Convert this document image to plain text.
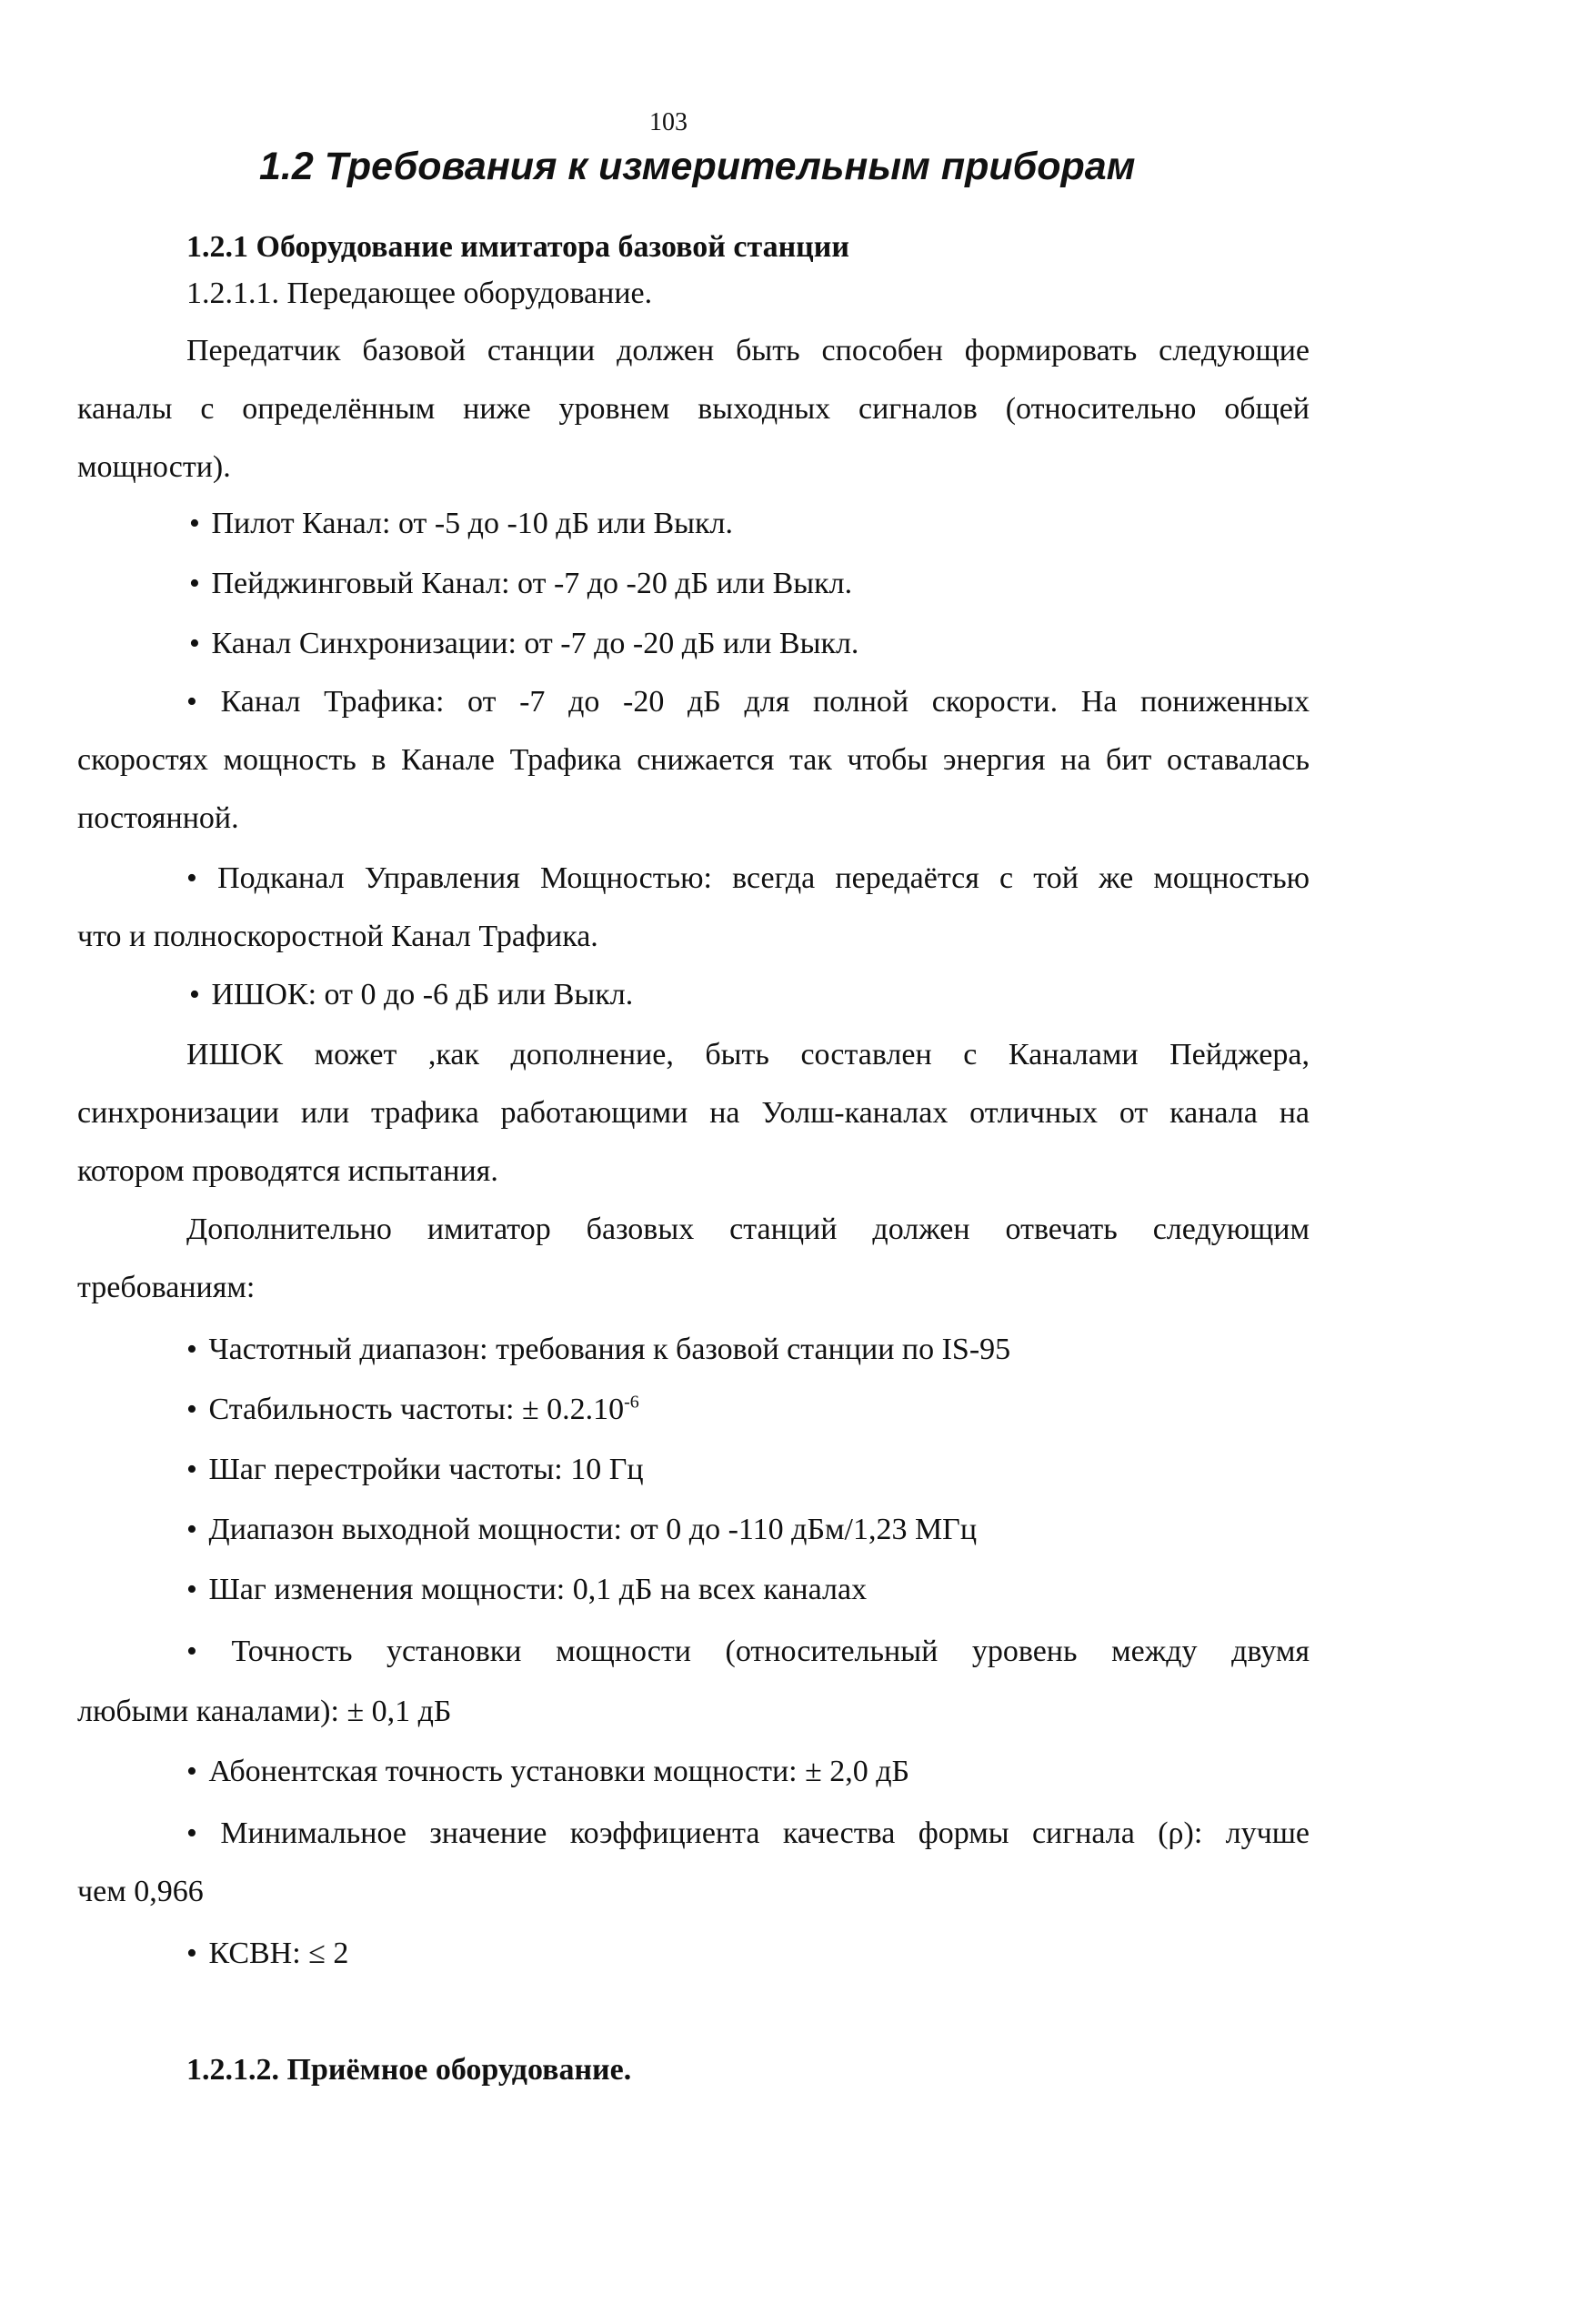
103
1.2 Требования к измерительным приборам
1.2.1 Оборудование имитатора базовой станции
1.2.1.1. Передающее оборудование.
Передатчик базовой станции должен быть способен формировать следующие
каналы с определённым ниже уровнем выходных сигналов (относительно общей
мощности).
• Пилот Канал: от -5 до -10 дБ или Выкл.
• Пейджинговый Канал: от -7 до -20 дБ или Выкл.
• Канал Синхронизации: от -7 до -20 дБ или Выкл.
• Канал Трафика: от -7 до -20 дБ для полной скорости. На пониженных
скоростях мощность в Канале Трафика снижается так чтобы энергия на бит оставалась
постоянной.
• Подканал Управления Мощностью: всегда передаётся с той же мощностью
что и полноскоростной Канал Трафика.
• ИШОК: от 0 до -6 дБ или Выкл.
ИШОК может ,как дополнение, быть составлен с Каналами Пейджера,
синхронизации или трафика работающими на Уолш-каналах отличных от канала на
котором проводятся испытания.
Дополнительно имитатор базовых станций должен отвечать следующим
требованиям:
• Частотный диапазон: требования к базовой станции по IS-95
• Стабильность частоты: ± $0.2.10^{-6}$
• Шаг перестройки частоты: 10 Гц
• Диапазон выходной мощности: от 0 до -110 дБм/1,23 МГц
• Шаг изменения мощности: 0,1 дБ на всех каналах
• Точность установки мощности (относительный уровень между двумя
любыми каналами): ± 0,1 дБ
• Абонентская точность установки мощности: ± 2,0 дБ
• Минимальное значение коэффициента качества формы сигнала (ρ): лучше
чем 0,966
• КСВН: ≤ 2
1.2.1.2. Приёмное оборудование.
